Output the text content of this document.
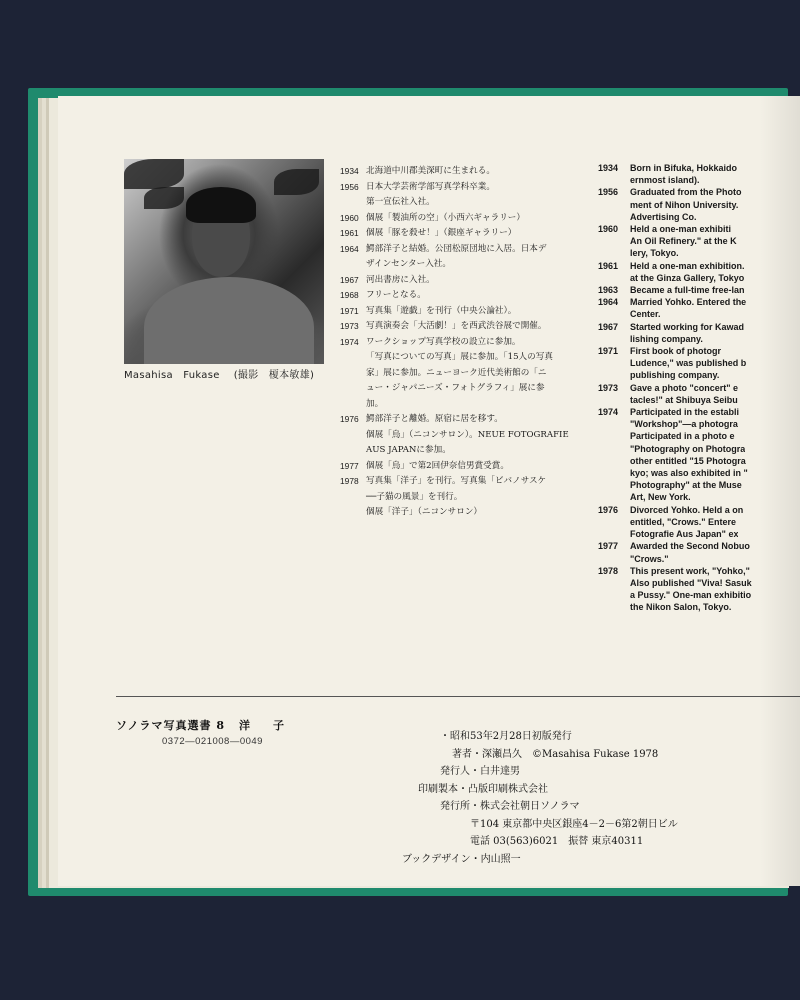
Masahisa　Fukase (撮影　榎本敏雄)
1934 北海道中川郡美深町に生まれる。
1956 日本大学芸術学部写真学科卒業。
第一宣伝社入社。
1960 個展「製油所の空」（小西六ギャラリー）
1961 個展「豚を殺せ！」（銀座ギャラリー）
1964 鰐部洋子と結婚。公団松原団地に入居。日本デ
ザインセンター入社。
1967 河出書房に入社。
1968 フリーとなる。
1971 写真集「遊戯」を刊行（中央公論社）。
1973 写真演奏会「大活劇！」を西武渋谷展で開催。
1974 ワークショップ写真学校の設立に参加。
「写真についての写真」展に参加。「15人の写真
家」展に参加。ニューヨーク近代美術館の「ニ
ュー・ジャパニーズ・フォトグラフィ」展に参
加。
1976 鰐部洋子と離婚。原宿に居を移す。
個展「烏」（ニコンサロン）。NEUE FOTOGRAFIE
AUS JAPANに参加。
1977 個展「烏」で第2回伊奈信男賞受賞。
1978 写真集「洋子」を刊行。写真集「ビバノサスケ
──子猫の風景」を刊行。
個展「洋子」（ニコンサロン）
1934	Born in Bifuka, Hokkaido
ernmost island).
1956	Graduated from the Photo
ment of Nihon University.
Advertising Co.
1960	Held a one-man exhibiti
An Oil Refinery." at the K
lery, Tokyo.
1961	Held a one-man exhibition.
at the Ginza Gallery, Tokyo
1963	Became a full-time free-lan
1964	Married Yohko. Entered the
Center.
1967	Started working for Kawad
lishing company.
1971	First book of photogr
Ludence," was published b
publishing company.
1973	Gave a photo "concert" e
tacles!" at Shibuya Seibu
1974	Participated in the establi
"Workshop"—a photogra
Participated in a photo e
"Photography on Photogra
other entitled "15 Photogra
kyo; was also exhibited in "
Photography" at the Muse
Art, New York.
1976	Divorced Yohko. Held a on
entitled, "Crows." Entere
Fotografie Aus Japan" ex
1977	Awarded the Second Nobuo
"Crows."
1978	This present work, "Yohko,"
Also published "Viva! Sasuk
a Pussy." One-man exhibitio
the Nikon Salon, Tokyo.
ソノラマ写真選書 8 洋　子
0372—021008—0049	・昭和53年2月28日初版発行
著者・深瀬昌久　©Masahisa Fukase 1978
発行人・白井達男
印刷製本・凸版印刷株式会社
発行所・株式会社朝日ソノラマ
〒104 東京都中央区銀座4－2－6第2朝日ビル
電話 03(563)6021　振替 東京40311
ブックデザイン・内山照一
